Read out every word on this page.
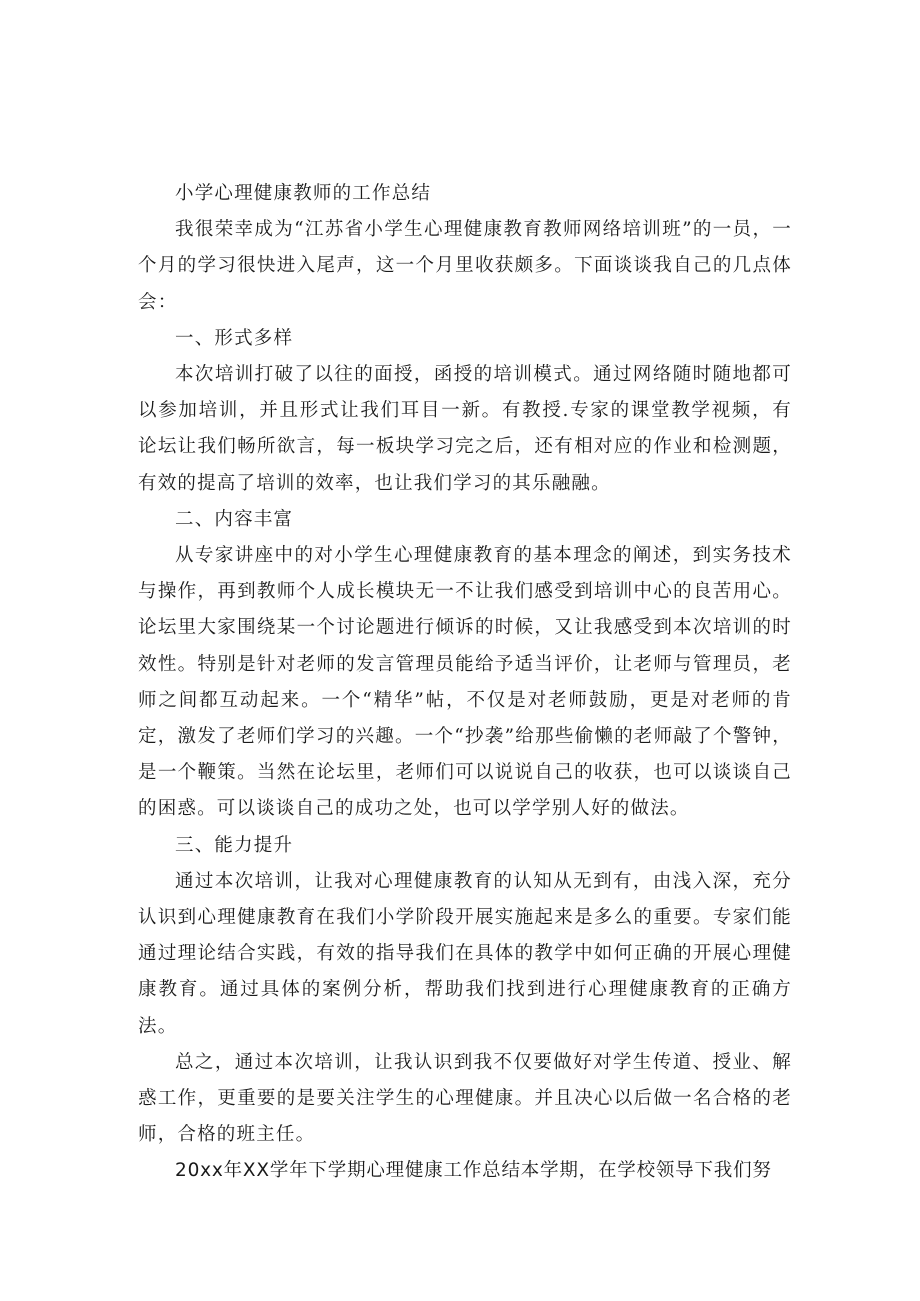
小学心理健康教师的工作总结

我很荣幸成为“江苏省小学生心理健康教育教师网络培训班”的一员，一个月的学习很快进入尾声，这一个月里收获颇多。下面谈谈我自己的几点体会：

一、形式多样

本次培训打破了以往的面授，函授的培训模式。通过网络随时随地都可以参加培训，并且形式让我们耳目一新。有教授.专家的课堂教学视频，有论坛让我们畅所欲言，每一板块学习完之后，还有相对应的作业和检测题，有效的提高了培训的效率，也让我们学习的其乐融融。

二、内容丰富

从专家讲座中的对小学生心理健康教育的基本理念的阐述，到实务技术与操作，再到教师个人成长模块无一不让我们感受到培训中心的良苦用心。论坛里大家围绕某一个讨论题进行倾诉的时候，又让我感受到本次培训的时效性。特别是针对老师的发言管理员能给予适当评价，让老师与管理员，老师之间都互动起来。一个“精华”帖，不仅是对老师鼓励，更是对老师的肯定，激发了老师们学习的兴趣。一个“抄袭”给那些偷懒的老师敲了个警钟，是一个鞭策。当然在论坛里，老师们可以说说自己的收获，也可以谈谈自己的困惑。可以谈谈自己的成功之处，也可以学学别人好的做法。

三、能力提升

通过本次培训，让我对心理健康教育的认知从无到有，由浅入深，充分认识到心理健康教育在我们小学阶段开展实施起来是多么的重要。专家们能通过理论结合实践，有效的指导我们在具体的教学中如何正确的开展心理健康教育。通过具体的案例分析，帮助我们找到进行心理健康教育的正确方法。

总之，通过本次培训，让我认识到我不仅要做好对学生传道、授业、解惑工作，更重要的是要关注学生的心理健康。并且决心以后做一名合格的老师，合格的班主任。

20xx年XX学年下学期心理健康工作总结本学期，在学校领导下我们努
